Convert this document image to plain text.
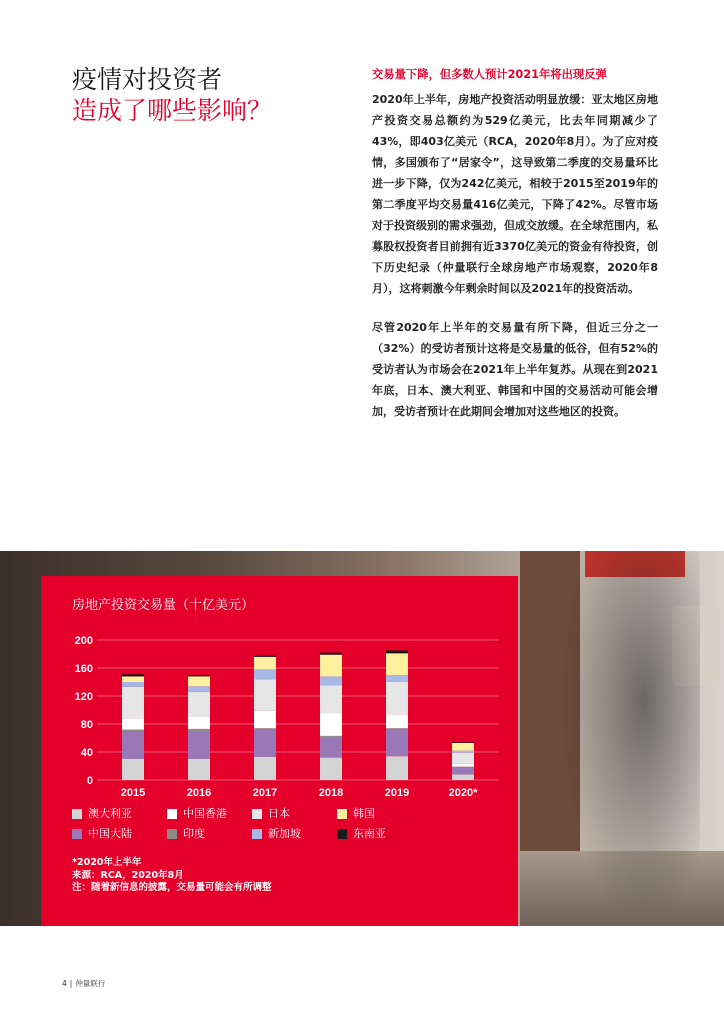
疫情对投资者
造成了哪些影响？
交易量下降，但多数人预计2021年将出现反弹

2020年上半年，房地产投资活动明显放缓：亚太地区房地产投资交易总额约为529亿美元，比去年同期减少了43%，即403亿美元（RCA，2020年8月）。为了应对疫情，多国颁布了“居家令”，这导致第二季度的交易量环比进一步下降，仅为242亿美元，相较于2015至2019年的第二季度平均交易量416亿美元，下降了42%。尽管市场对于投资级别的需求强劲，但成交放缓。在全球范围内，私募股权投资者目前拥有近3370亿美元的资金有待投资，创下历史纪录（仲量联行全球房地产市场观察，2020年8月），这将刺激今年剩余时间以及2021年的投资活动。

尽管2020年上半年的交易量有所下降，但近三分之一（32%）的受访者预计这将是交易量的低谷，但有52%的受访者认为市场会在2021年上半年复苏。从现在到2021年底，日本、澳大利亚、韩国和中国的交易活动可能会增加，受访者预计在此期间会增加对这些地区的投资。

房地产投资交易量（十亿美元）
0
40
80
120
160
200
2015	2016	2017	2018	2019	2020*
澳大利亚	中国香港	日本	韩国
中国大陆	印度	新加坡	东南亚
*2020年上半年
来源：RCA，2020年8月
注：随着新信息的披露，交易量可能会有所调整
4 | 仲量联行
